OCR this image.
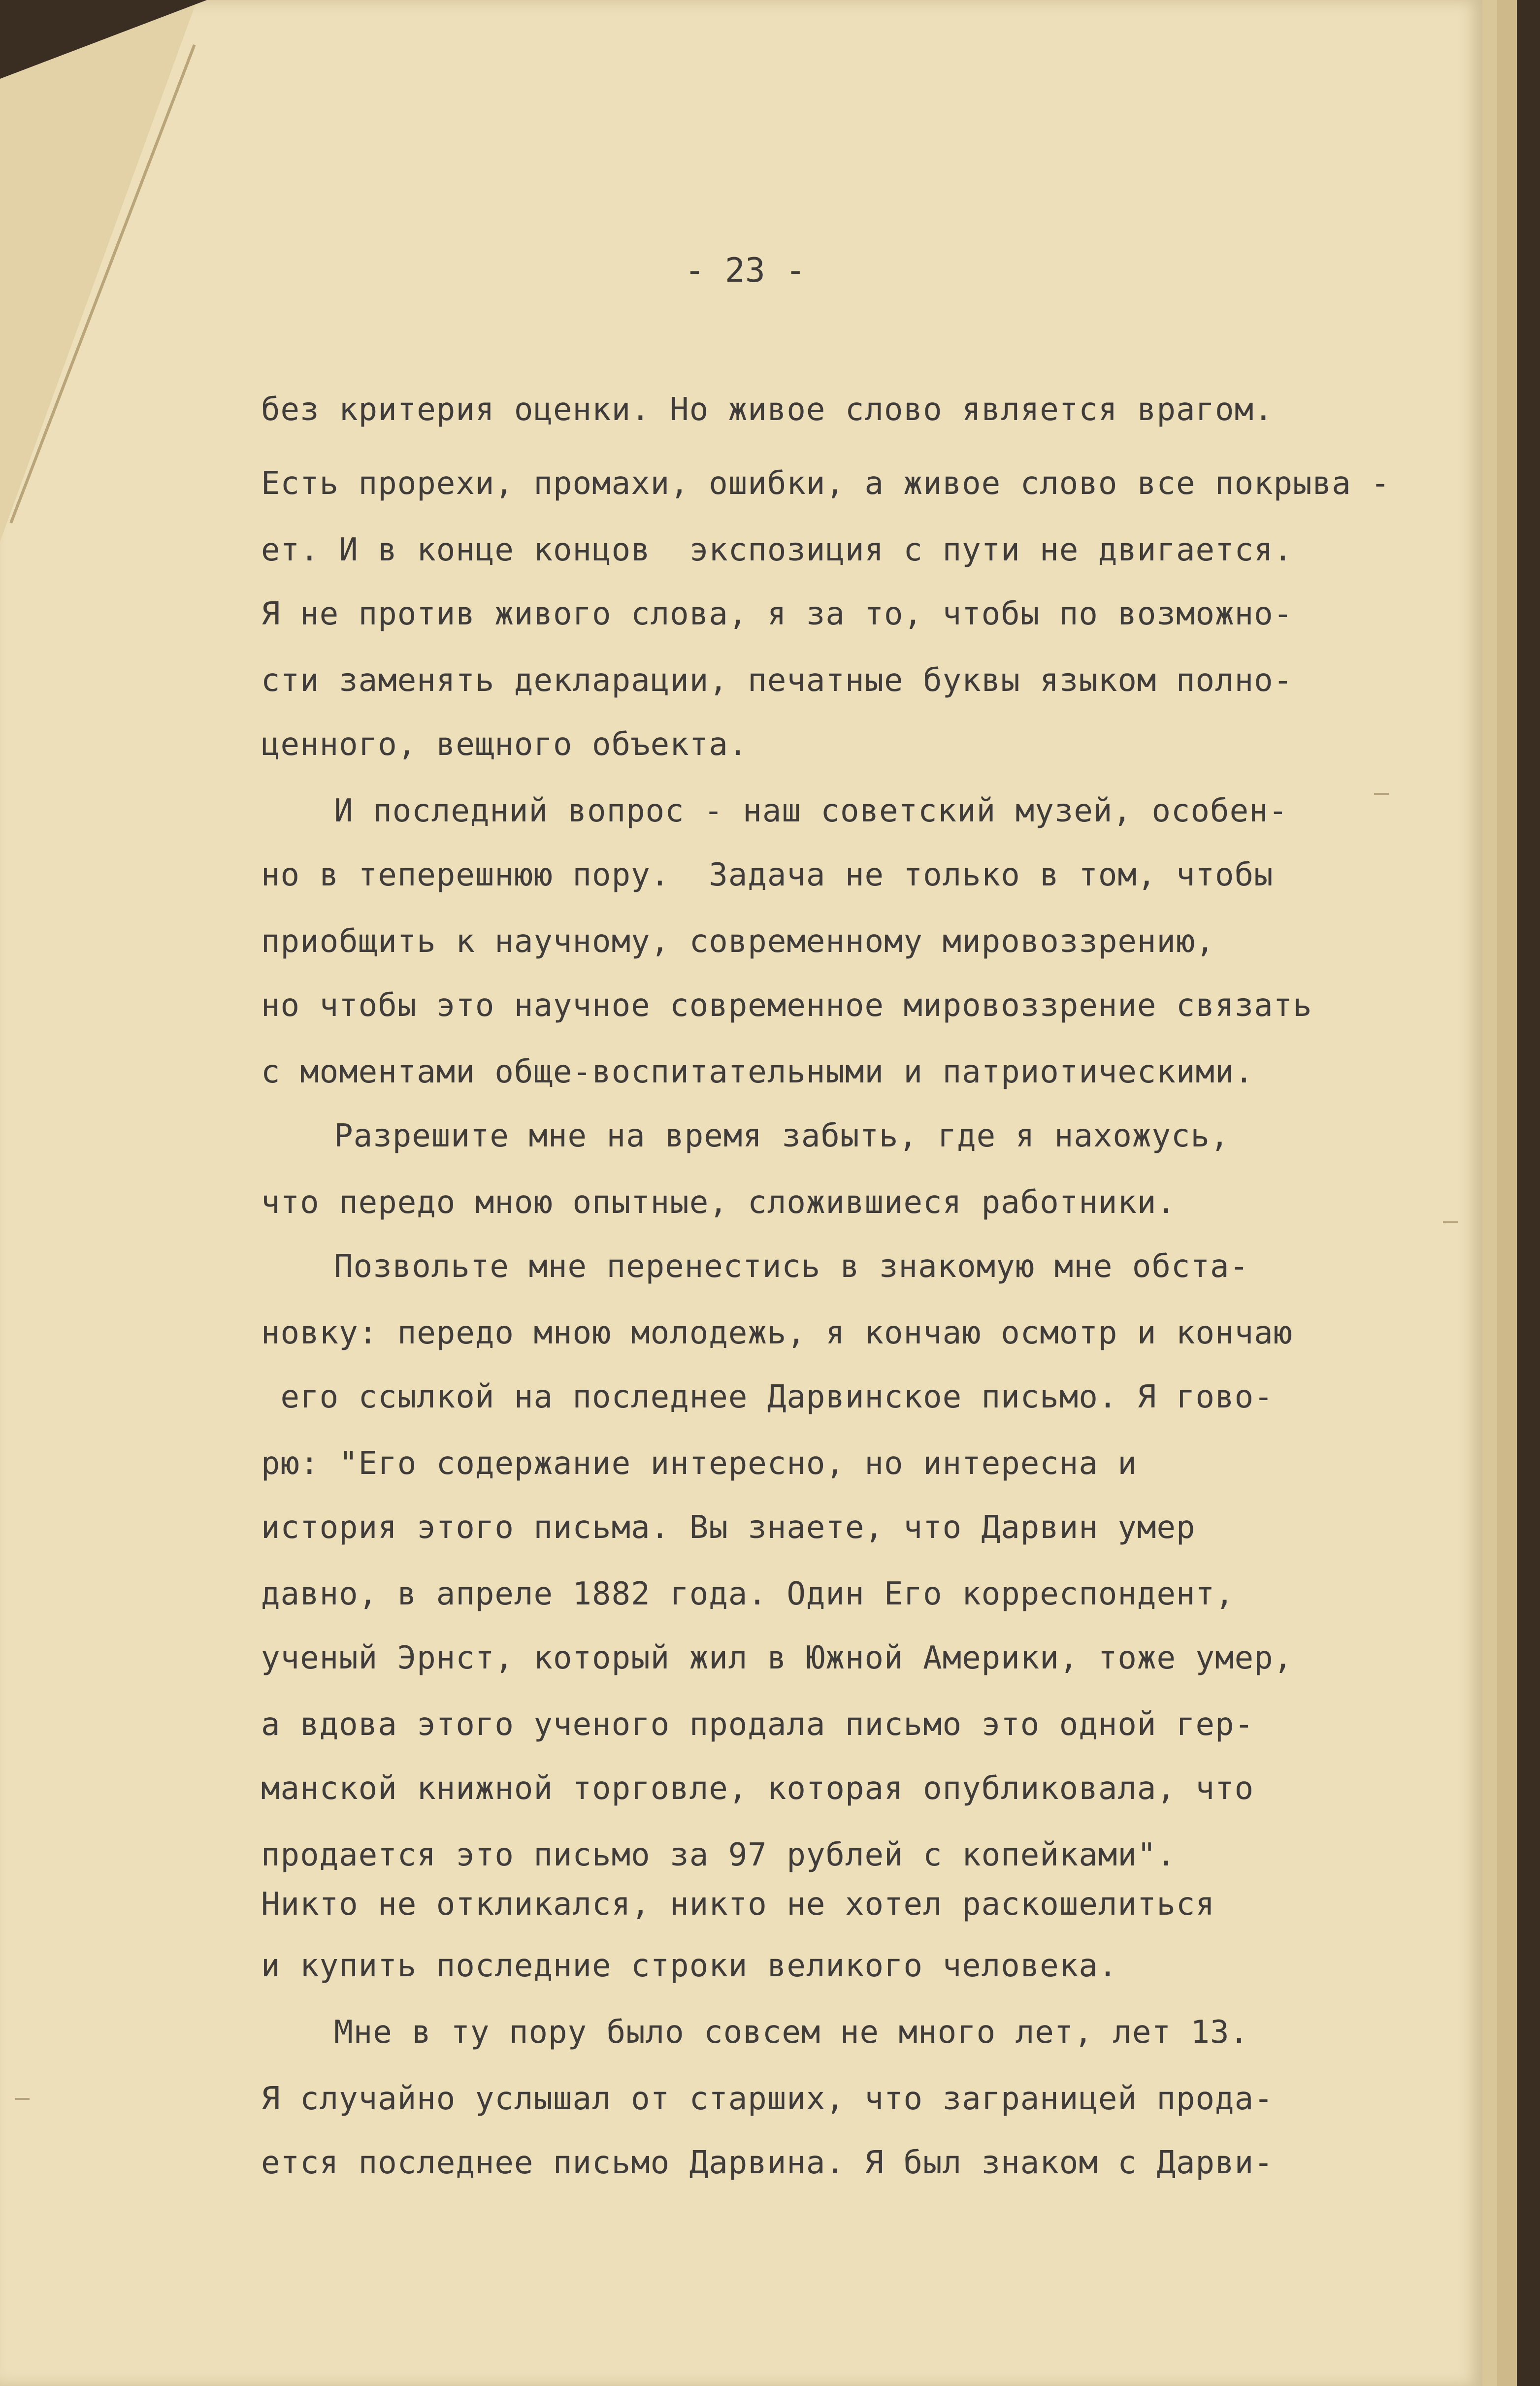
- 23 -
без критерия оценки. Но живое слово является врагом.
Есть прорехи, промахи, ошибки, а живое слово все покрыва -
ет. И в конце концов  экспозиция с пути не двигается.
Я не против живого слова, я за то, чтобы по возможно-
сти заменять декларации, печатные буквы языком полно-
ценного, вещного объекта.
И последний вопрос - наш советский музей, особен-
но в теперешнюю пору.  Задача не только в том, чтобы
приобщить к научному, современному мировоззрению,
но чтобы это научное современное мировоззрение связать
с моментами обще-воспитательными и патриотическими.
Разрешите мне на время забыть, где я нахожусь,
что передо мною опытные, сложившиеся работники.
Позвольте мне перенестись в знакомую мне обста-
новку: передо мною молодежь, я кончаю осмотр и кончаю
его ссылкой на последнее Дарвинское письмо. Я гово-
рю: "Его содержание интересно, но интересна и
история этого письма. Вы знаете, что Дарвин умер
давно, в апреле 1882 года. Один Его корреспондент,
ученый Эрнст, который жил в Южной Америки, тоже умер,
а вдова этого ученого продала письмо это одной гер-
манской книжной торговле, которая опубликовала, что
продается это письмо за 97 рублей с копейками".
Никто не откликался, никто не хотел раскошелиться
и купить последние строки великого человека.
Мне в ту пору было совсем не много лет, лет 13.
Я случайно услышал от старших, что заграницей прода-
ется последнее письмо Дарвина. Я был знаком с Дарви-
